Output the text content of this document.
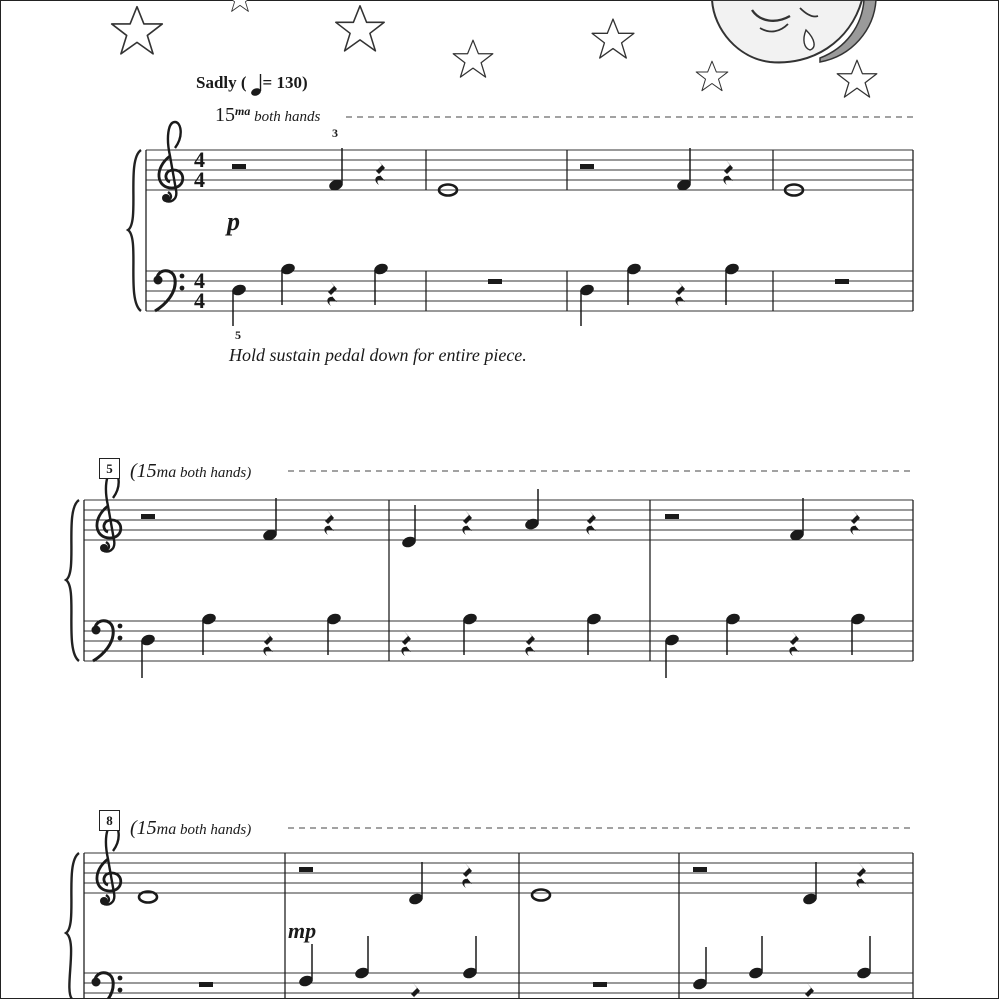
Sadly ( = 130)
$15^{ma}$ both hands
3
5
4
4
4
4
p
Hold sustain pedal down for entire piece.
5 (15ma both hands)
8 (15ma both hands)
mp
